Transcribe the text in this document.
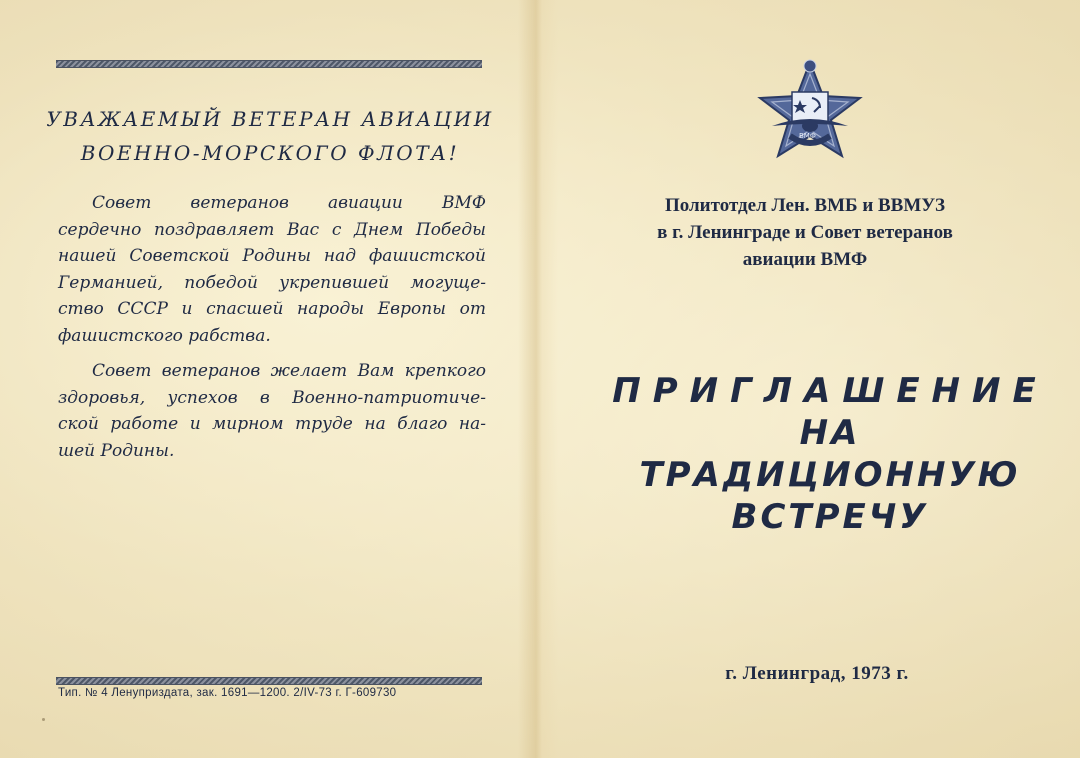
УВАЖАЕМЫЙ ВЕТЕРАН АВИАЦИИ
ВОЕННО-МОРСКОГО ФЛОТА!
Совет ветеранов авиации ВМФ
сердечно поздравляет Вас с Днем Победы
нашей Советской Родины над фашистской
Германией, победой укрепившей могуще-
ство СССР и спасшей народы Европы от
фашистского рабства.
Совет ветеранов желает Вам крепкого
здоровья, успехов в Военно-патриотиче-
ской работе и мирном труде на благо на-
шей Родины.
Тип. № 4 Ленуприздата, зак. 1691—1200. 2/IV-73 г. Г-609730
ВМФ
Политотдел Лен. ВМБ и ВВМУЗ
в г. Ленинграде и Совет ветеранов
авиации ВМФ
ПРИГЛАШЕНИЕ
НА
ТРАДИЦИОННУЮ
ВСТРЕЧУ
г. Ленинград, 1973 г.
